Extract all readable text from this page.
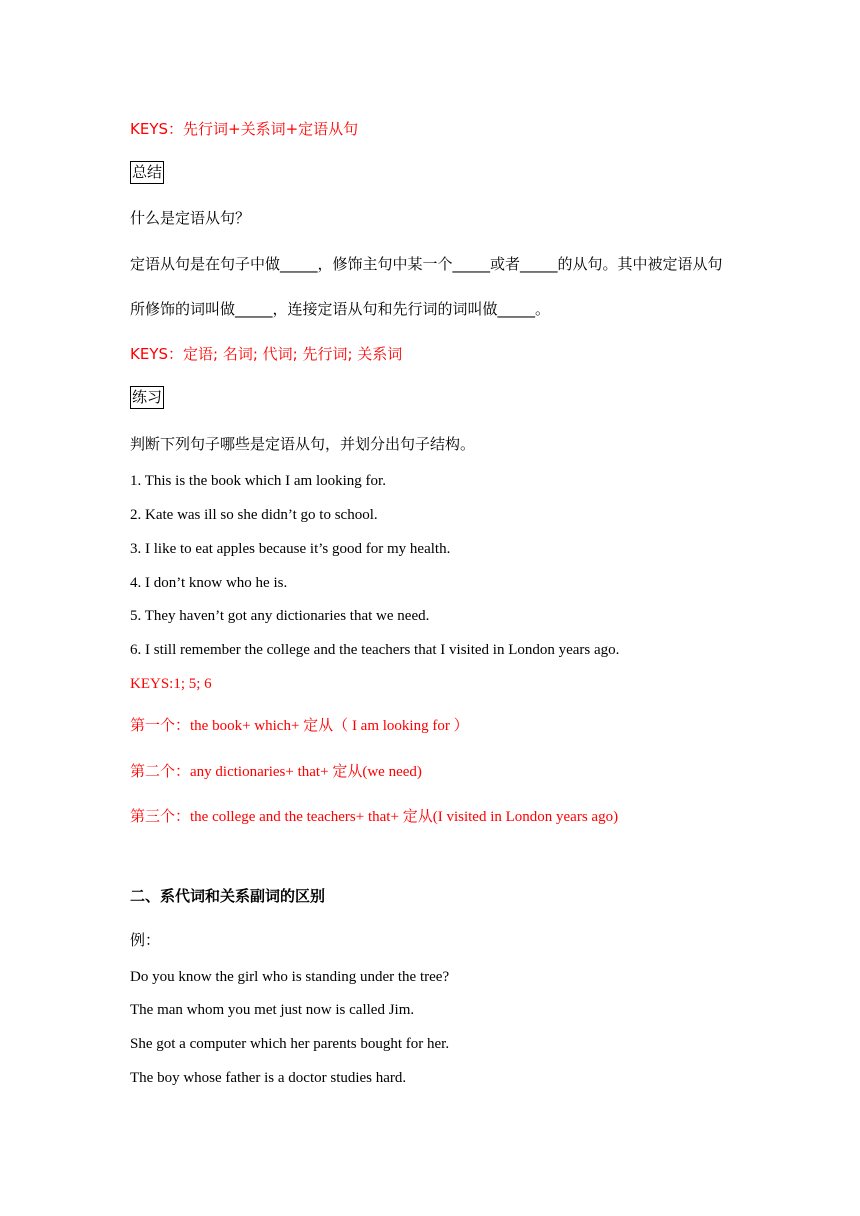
KEYS：先行词+关系词+定语从句
总结
什么是定语从句？
定语从句是在句子中做_____，修饰主句中某一个_____或者_____的从句。其中被定语从句
所修饰的词叫做_____，连接定语从句和先行词的词叫做_____。
KEYS：定语; 名词; 代词; 先行词; 关系词
练习
判断下列句子哪些是定语从句，并划分出句子结构。
1. This is the book which I am looking for.
2. Kate was ill so she didn’t go to school.
3. I like to eat apples because it’s good for my health.
4. I don’t know who he is.
5. They haven’t got any dictionaries that we need.
6. I still remember the college and the teachers that I visited in London years ago.
KEYS:1; 5; 6
第一个：the book+ which+ 定从（ I am looking for ）
第二个：any dictionaries+ that+ 定从(we need)
第三个：the college and the teachers+ that+ 定从(I visited in London years ago)
二、系代词和关系副词的区别
例：
Do you know the girl who is standing under the tree?
The man whom you met just now is called Jim.
She got a computer which her parents bought for her.
The boy whose father is a doctor studies hard.
